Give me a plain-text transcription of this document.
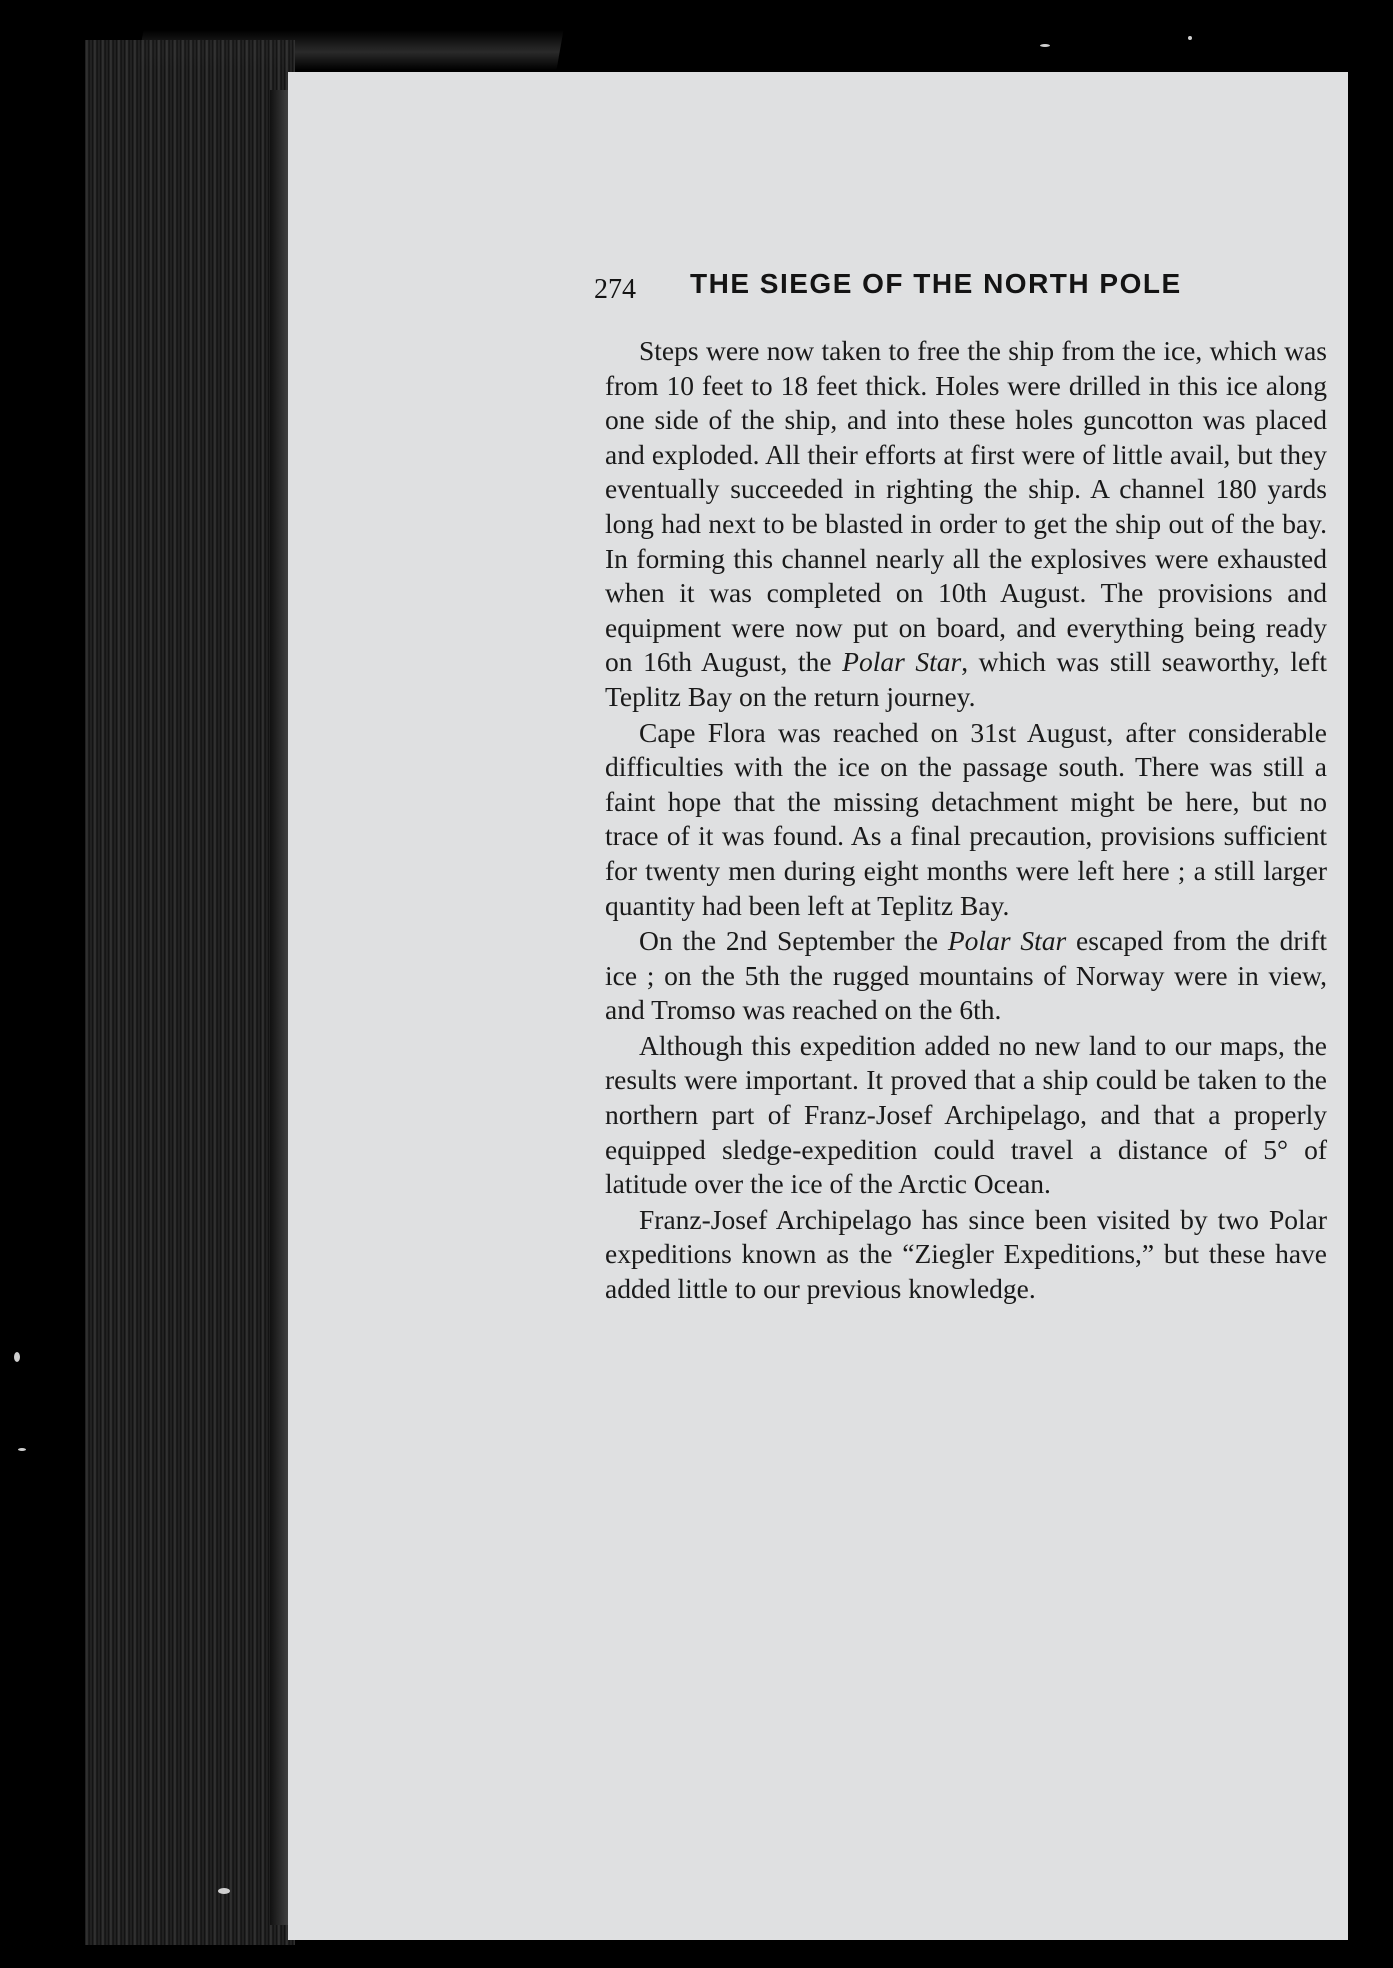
274 THE SIEGE OF THE NORTH POLE

Steps were now taken to free the ship from the ice, which was from 10 feet to 18 feet thick. Holes were drilled in this ice along one side of the ship, and into these holes guncotton was placed and exploded. All their efforts at first were of little avail, but they eventually succeeded in righting the ship. A channel 180 yards long had next to be blasted in order to get the ship out of the bay. In forming this channel nearly all the explosives were exhausted when it was completed on 10th August. The provisions and equipment were now put on board, and everything being ready on 16th August, the Polar Star, which was still seaworthy, left Teplitz Bay on the return journey.

Cape Flora was reached on 31st August, after considerable difficulties with the ice on the passage south. There was still a faint hope that the missing detachment might be here, but no trace of it was found. As a final precaution, provisions sufficient for twenty men during eight months were left here ; a still larger quantity had been left at Teplitz Bay.

On the 2nd September the Polar Star escaped from the drift ice ; on the 5th the rugged mountains of Norway were in view, and Tromso was reached on the 6th.

Although this expedition added no new land to our maps, the results were important. It proved that a ship could be taken to the northern part of Franz-Josef Archipelago, and that a properly equipped sledge-expedition could travel a distance of 5° of latitude over the ice of the Arctic Ocean.

Franz-Josef Archipelago has since been visited by two Polar expeditions known as the “Ziegler Expeditions,” but these have added little to our previous knowledge.
